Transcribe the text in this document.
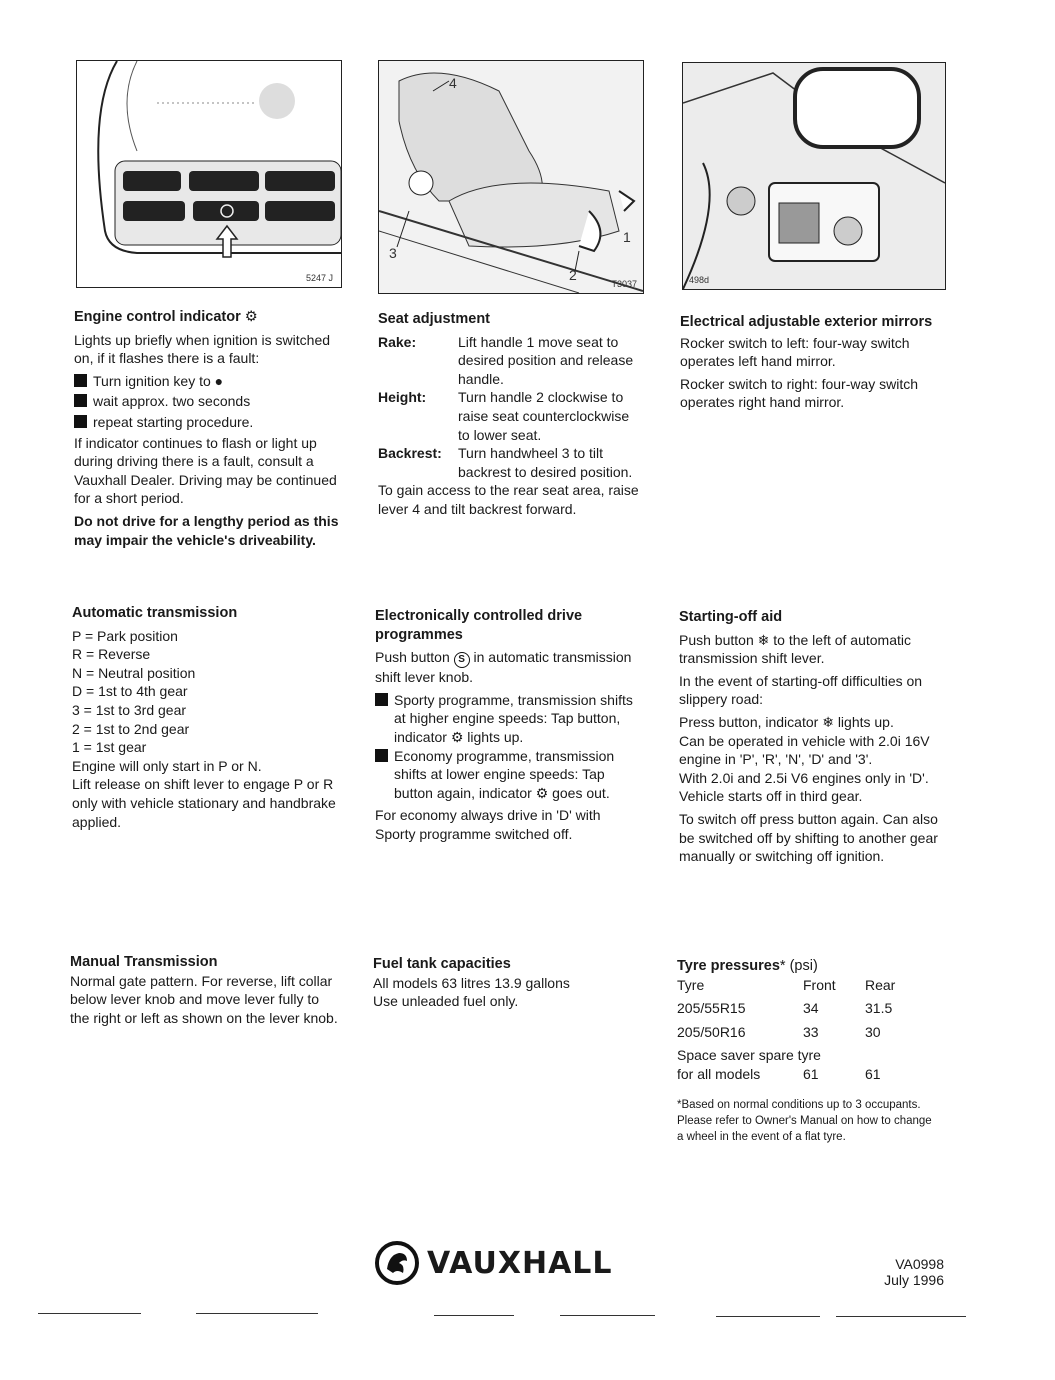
5247 J
4
3
2
1
T3037	498d
Engine control indicator ⚙
Lights up briefly when ignition is switched on, if it flashes there is a fault:
Turn ignition key to ●
wait approx. two seconds
repeat starting procedure.
If indicator continues to flash or light up during driving there is a fault, consult a Vauxhall Dealer. Driving may be continued for a short period.
Do not drive for a lengthy period as this may impair the vehicle's driveability.
Seat adjustment
Rake:	Lift handle 1 move seat to desired position and release handle.
Height:	Turn handle 2 clockwise to raise seat counterclockwise to lower seat.
Backrest:	Turn handwheel 3 to tilt backrest to desired position.
To gain access to the rear seat area, raise lever 4 and tilt backrest forward.
Electrical adjustable exterior mirrors
Rocker switch to left: four-way switch operates left hand mirror.
Rocker switch to right: four-way switch operates right hand mirror.
Automatic transmission
P = Park position
R = Reverse
N = Neutral position
D = 1st to 4th gear
3 = 1st to 3rd gear
2 = 1st to 2nd gear
1 = 1st gear
Engine will only start in P or N.
Lift release on shift lever to engage P or R only with vehicle stationary and handbrake applied.
Electronically controlled drive programmes
Push button S in automatic transmission shift lever knob.
Sporty programme, transmission shifts at higher engine speeds: Tap button, indicator ⚙ lights up.
Economy programme, transmission shifts at lower engine speeds: Tap button again, indicator ⚙ goes out.
For economy always drive in 'D' with Sporty programme switched off.
Starting-off aid
Push button ❄ to the left of automatic transmission shift lever.
In the event of starting-off difficulties on slippery road:
Press button, indicator ❄ lights up.
Can be operated in vehicle with 2.0i 16V engine in 'P', 'R', 'N', 'D' and '3'.
With 2.0i and 2.5i V6 engines only in 'D'.
Vehicle starts off in third gear.
To switch off press button again. Can also be switched off by shifting to another gear manually or switching off ignition.
Manual Transmission
Normal gate pattern. For reverse, lift collar below lever knob and move lever fully to the right or left as shown on the lever knob.
Fuel tank capacities
All models 63 litres 13.9 gallons
Use unleaded fuel only.
Tyre pressures* (psi)
Tyre	Front	Rear
205/55R15	34	31.5
205/50R16	33	30
Space saver spare tyre		
for all models	61	61
*Based on normal conditions up to 3 occupants. Please refer to Owner's Manual on how to change a wheel in the event of a flat tyre.
VAUXHALL	VA0998
July 1996
